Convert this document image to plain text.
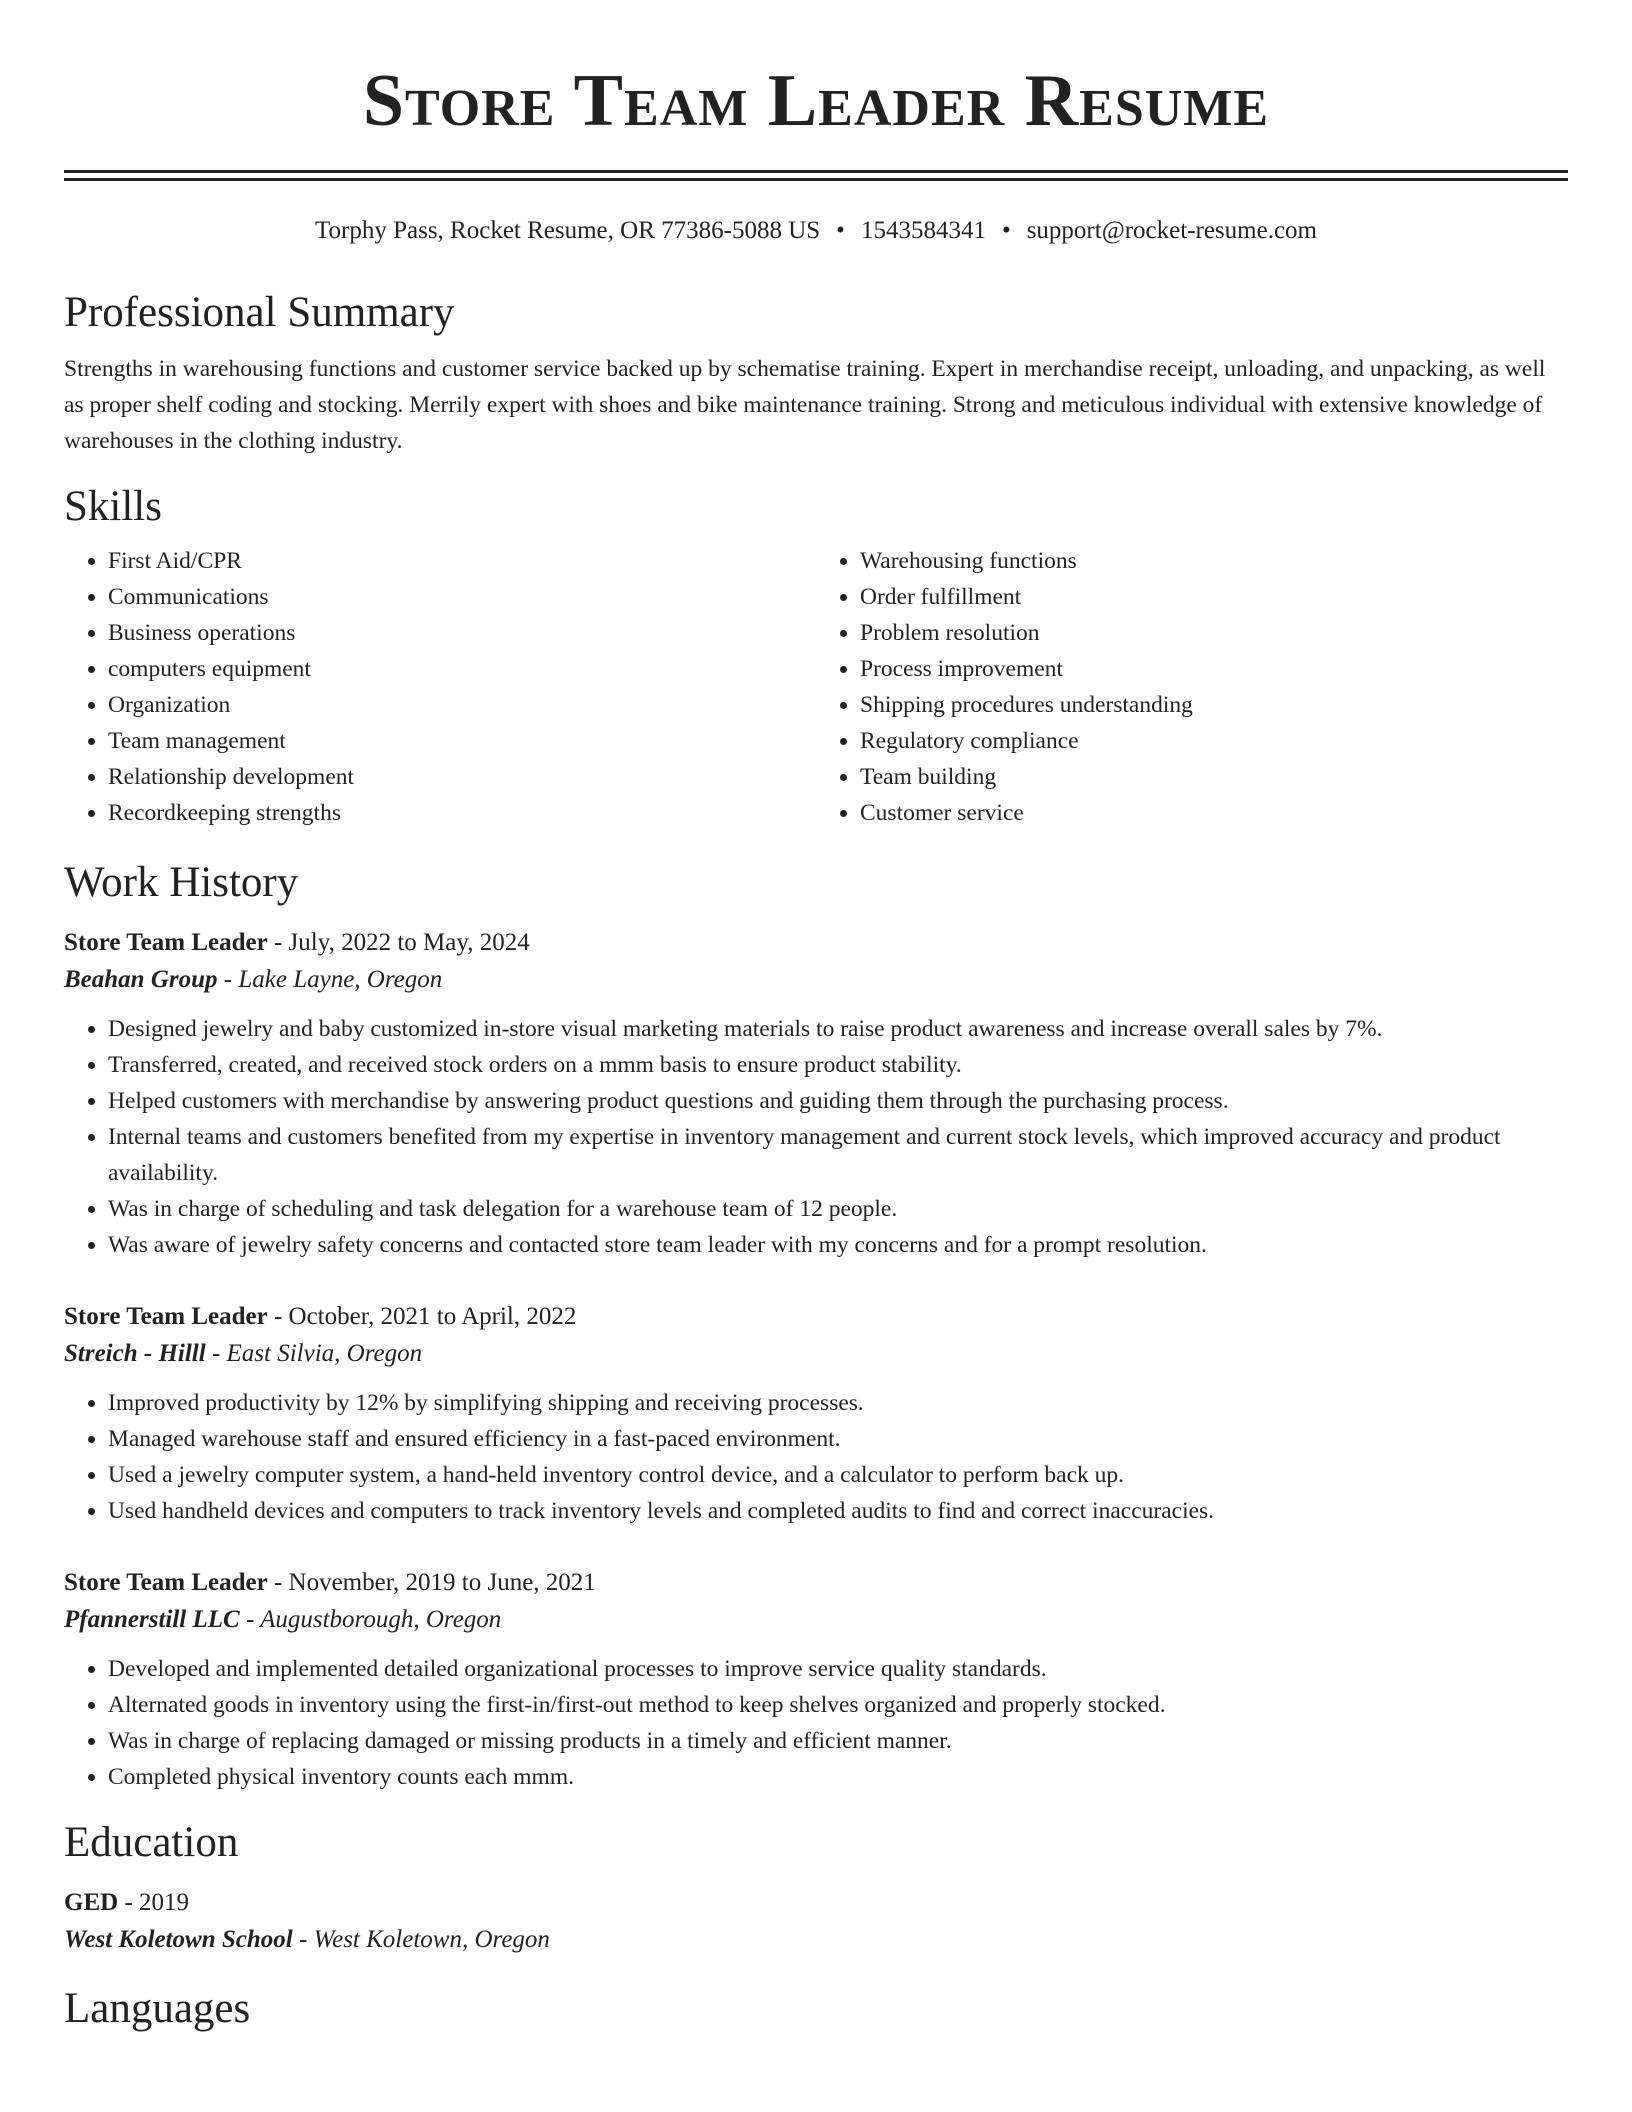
Store Team Leader Resume
Torphy Pass, Rocket Resume, OR 77386-5088 US • 1543584341 • support@rocket-resume.com
Professional Summary

Strengths in warehousing functions and customer service backed up by schematise training. Expert in merchandise receipt, unloading, and unpacking, as well as proper shelf coding and stocking. Merrily expert with shoes and bike maintenance training. Strong and meticulous individual with extensive knowledge of warehouses in the clothing industry.

Skills
• First Aid/CPR
• Communications
• Business operations
• computers equipment
• Organization
• Team management
• Relationship development
• Recordkeeping strengths
• Warehousing functions
• Order fulfillment
• Problem resolution
• Process improvement
• Shipping procedures understanding
• Regulatory compliance
• Team building
• Customer service
Work History
Store Team Leader - July, 2022 to May, 2024
Beahan Group - Lake Layne, Oregon
• Designed jewelry and baby customized in-store visual marketing materials to raise product awareness and increase overall sales by 7%.
• Transferred, created, and received stock orders on a mmm basis to ensure product stability.
• Helped customers with merchandise by answering product questions and guiding them through the purchasing process.
• Internal teams and customers benefited from my expertise in inventory management and current stock levels, which improved accuracy and product availability.
• Was in charge of scheduling and task delegation for a warehouse team of 12 people.
• Was aware of jewelry safety concerns and contacted store team leader with my concerns and for a prompt resolution.
Store Team Leader - October, 2021 to April, 2022
Streich - Hilll - East Silvia, Oregon
• Improved productivity by 12% by simplifying shipping and receiving processes.
• Managed warehouse staff and ensured efficiency in a fast-paced environment.
• Used a jewelry computer system, a hand-held inventory control device, and a calculator to perform back up.
• Used handheld devices and computers to track inventory levels and completed audits to find and correct inaccuracies.
Store Team Leader - November, 2019 to June, 2021
Pfannerstill LLC - Augustborough, Oregon
• Developed and implemented detailed organizational processes to improve service quality standards.
• Alternated goods in inventory using the first-in/first-out method to keep shelves organized and properly stocked.
• Was in charge of replacing damaged or missing products in a timely and efficient manner.
• Completed physical inventory counts each mmm.
Education
GED - 2019
West Koletown School - West Koletown, Oregon
Languages
